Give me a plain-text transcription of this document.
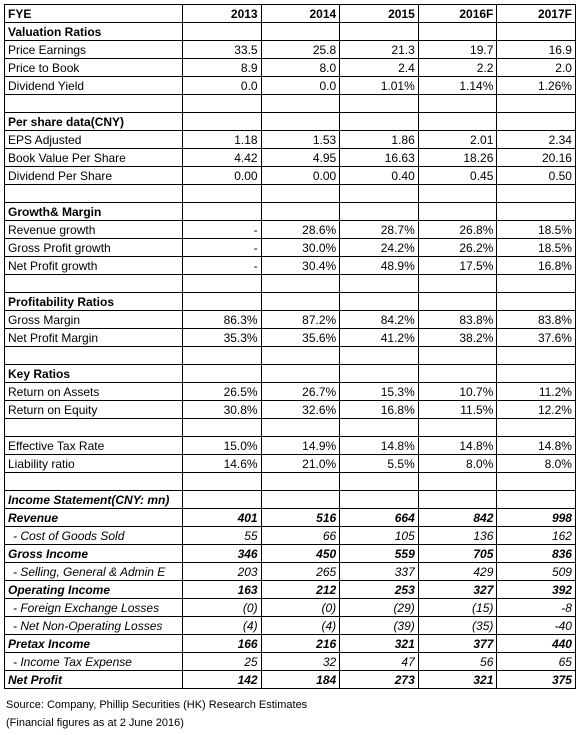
FYE	2013	2014	2015	2016F	2017F
Valuation Ratios					
Price Earnings	33.5	25.8	21.3	19.7	16.9
Price to Book	8.9	8.0	2.4	2.2	2.0
Dividend Yield	0.0	0.0	1.01%	1.14%	1.26%

Per share data(CNY)					
EPS Adjusted	1.18	1.53	1.86	2.01	2.34
Book Value Per Share	4.42	4.95	16.63	18.26	20.16
Dividend Per Share	0.00	0.00	0.40	0.45	0.50

Growth& Margin					
Revenue growth	-	28.6%	28.7%	26.8%	18.5%
Gross Profit growth	-	30.0%	24.2%	26.2%	18.5%
Net Profit growth	-	30.4%	48.9%	17.5%	16.8%

Profitability Ratios					
Gross Margin	86.3%	87.2%	84.2%	83.8%	83.8%
Net Profit Margin	35.3%	35.6%	41.2%	38.2%	37.6%

Key Ratios					
Return on Assets	26.5%	26.7%	15.3%	10.7%	11.2%
Return on Equity	30.8%	32.6%	16.8%	11.5%	12.2%

Effective Tax Rate	15.0%	14.9%	14.8%	14.8%	14.8%
Liability ratio	14.6%	21.0%	5.5%	8.0%	8.0%

Income Statement(CNY: mn)					
Revenue	401	516	664	842	998
- Cost of Goods Sold	55	66	105	136	162
Gross Income	346	450	559	705	836
- Selling, General & Admin E	203	265	337	429	509
Operating Income	163	212	253	327	392
- Foreign Exchange Losses	(0)	(0)	(29)	(15)	-8
- Net Non-Operating Losses	(4)	(4)	(39)	(35)	-40
Pretax Income	166	216	321	377	440
- Income Tax Expense	25	32	47	56	65
Net Profit	142	184	273	321	375
Source: Company, Phillip Securities (HK) Research Estimates
(Financial figures as at 2 June 2016)
